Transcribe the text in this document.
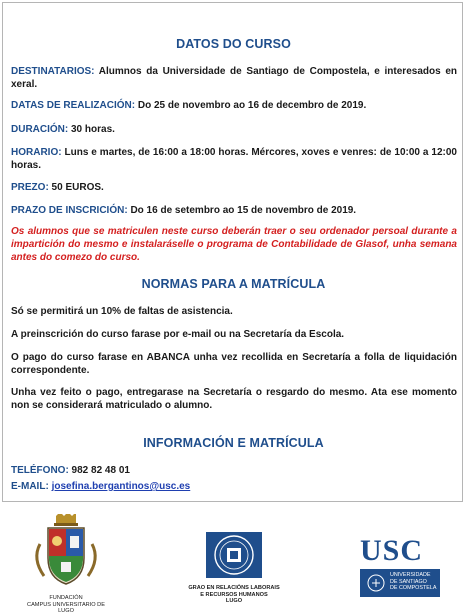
DATOS DO CURSO

DESTINATARIOS: Alumnos da Universidade de Santiago de Compostela, e interesados en xeral.

DATAS DE REALIZACIÓN: Do 25 de novembro ao 16 de decembro de 2019.

DURACIÓN: 30 horas.

HORARIO: Luns e martes, de 16:00 a 18:00 horas. Mércores, xoves e venres: de 10:00 a 12:00 horas.

PREZO: 50 EUROS.

PRAZO DE INSCRICIÓN: Do 16 de setembro ao 15 de novembro de 2019.

Os alumnos que se matriculen neste curso deberán traer o seu ordenador persoal durante a impartición do mesmo e instalaráselle o programa de Contabilidade de Glasof, unha semana antes do comezo do curso.

NORMAS PARA A MATRÍCULA

Só se permitirá un 10% de faltas de asistencia.

A preinscrición do curso farase por e-mail ou na Secretaría da Escola.

O pago do curso farase en ABANCA unha vez recollida en Secretaría a folla de liquidación correspondente.

Unha vez feito o pago, entregarase na Secretaría o resgardo do mesmo. Ata ese momento non se considerará matriculado o alumno.

INFORMACIÓN E MATRÍCULA

TELÉFONO: 982 82 48 01

E-MAIL: josefina.bergantinos@usc.es

FUNDACIÓN
CAMPUS UNIVERSITARIO DE LUGO
GRAO EN RELACIÓNS LABORAIS
E RECURSOS HUMANOS
LUGO
USC
UNIVERSIDADE
DE SANTIAGO
DE COMPOSTELA
